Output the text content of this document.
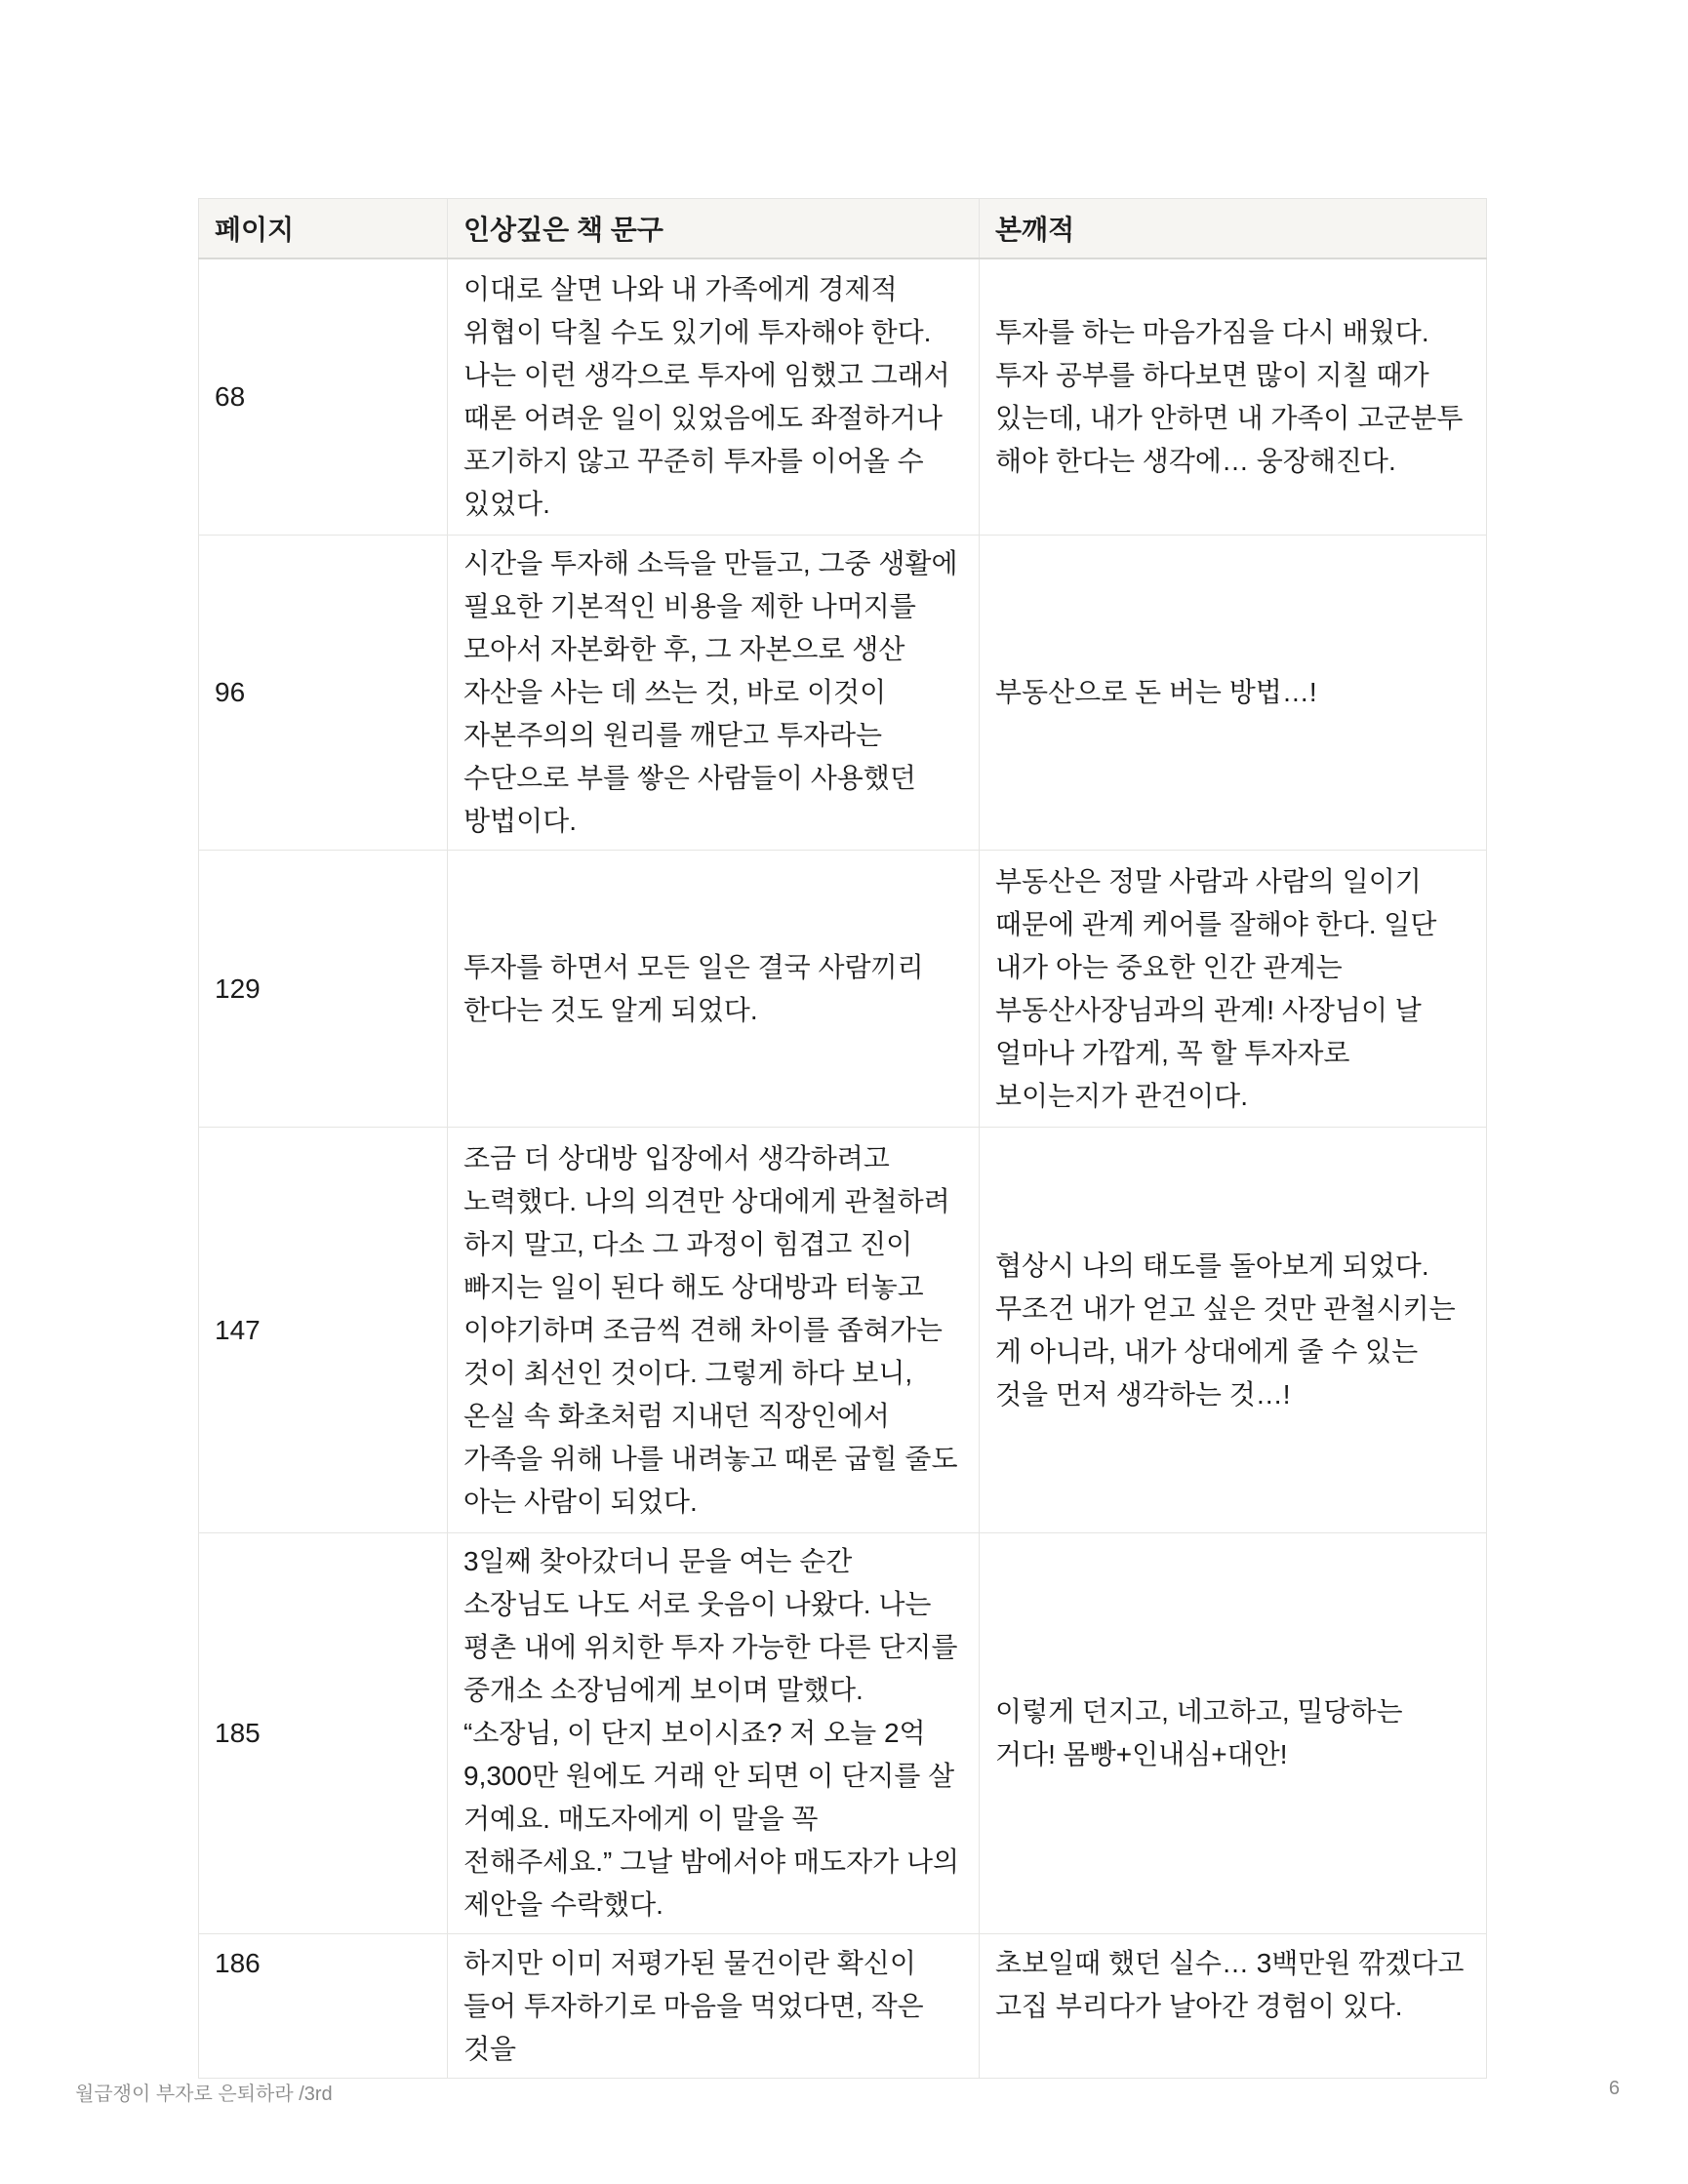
페이지	인상깊은 책 문구	본깨적
68	이대로 살면 나와 내 가족에게 경제적 위협이 닥칠 수도 있기에 투자해야 한다. 나는 이런 생각으로 투자에 임했고 그래서 때론 어려운 일이 있었음에도 좌절하거나 포기하지 않고 꾸준히 투자를 이어올 수 있었다.	투자를 하는 마음가짐을 다시 배웠다. 투자 공부를 하다보면 많이 지칠 때가 있는데, 내가 안하면 내 가족이 고군분투 해야 한다는 생각에… 웅장해진다.
96	시간을 투자해 소득을 만들고, 그중 생활에 필요한 기본적인 비용을 제한 나머지를 모아서 자본화한 후, 그 자본으로 생산 자산을 사는 데 쓰는 것, 바로 이것이 자본주의의 원리를 깨닫고 투자라는 수단으로 부를 쌓은 사람들이 사용했던 방법이다.	부동산으로 돈 버는 방법…!
129	투자를 하면서 모든 일은 결국 사람끼리 한다는 것도 알게 되었다.	부동산은 정말 사람과 사람의 일이기 때문에 관계 케어를 잘해야 한다. 일단 내가 아는 중요한 인간 관계는 부동산사장님과의 관계! 사장님이 날 얼마나 가깝게, 꼭 할 투자자로 보이는지가 관건이다.
147	조금 더 상대방 입장에서 생각하려고 노력했다. 나의 의견만 상대에게 관철하려 하지 말고, 다소 그 과정이 힘겹고 진이 빠지는 일이 된다 해도 상대방과 터놓고 이야기하며 조금씩 견해 차이를 좁혀가는 것이 최선인 것이다. 그렇게 하다 보니, 온실 속 화초처럼 지내던 직장인에서 가족을 위해 나를 내려놓고 때론 굽힐 줄도 아는 사람이 되었다.	협상시 나의 태도를 돌아보게 되었다. 무조건 내가 얻고 싶은 것만 관철시키는 게 아니라, 내가 상대에게 줄 수 있는 것을 먼저 생각하는 것…!
185	3일째 찾아갔더니 문을 여는 순간 소장님도 나도 서로 웃음이 나왔다. 나는 평촌 내에 위치한 투자 가능한 다른 단지를 중개소 소장님에게 보이며 말했다. “소장님, 이 단지 보이시죠? 저 오늘 2억 9,300만 원에도 거래 안 되면 이 단지를 살 거예요. 매도자에게 이 말을 꼭 전해주세요.” 그날 밤에서야 매도자가 나의 제안을 수락했다.	이렇게 던지고, 네고하고, 밀당하는 거다! 몸빵+인내심+대안!
186	하지만 이미 저평가된 물건이란 확신이 들어 투자하기로 마음을 먹었다면, 작은 것을	초보일때 했던 실수… 3백만원 깎겠다고 고집 부리다가 날아간 경험이 있다.
월급쟁이 부자로 은퇴하라 /3rd	6
